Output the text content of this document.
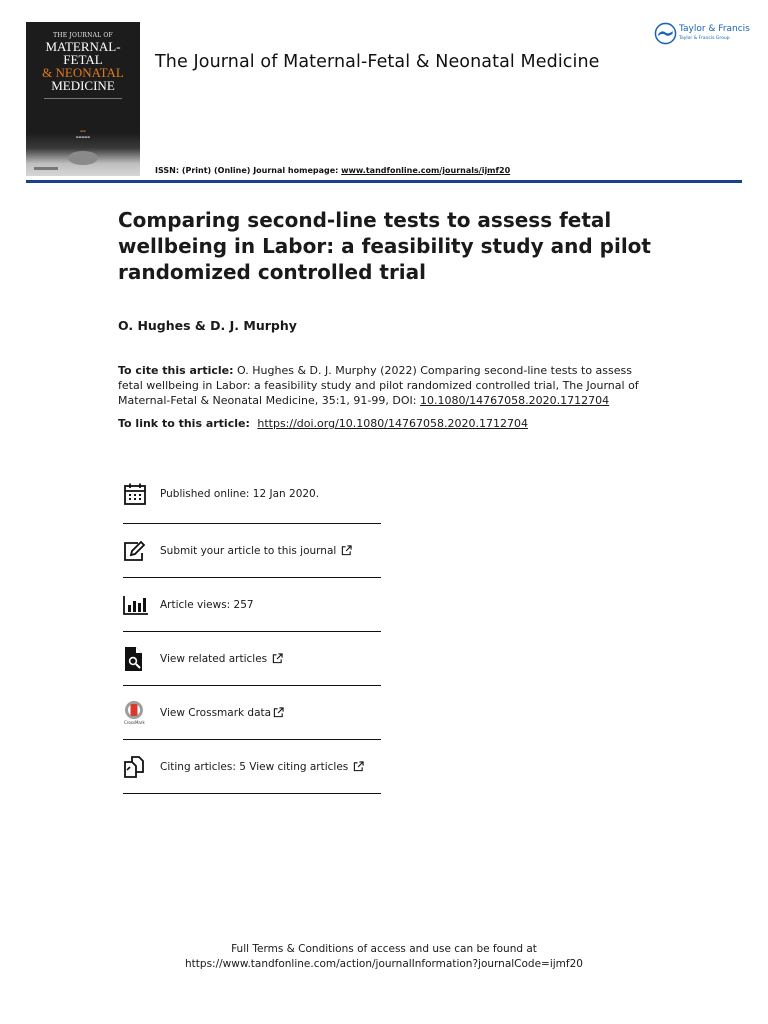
THE JOURNAL OF
MATERNAL-FETAL
& NEONATAL
MEDICINE
▬▬
▬▬▬▬▬
The Journal of Maternal-Fetal & Neonatal Medicine
Taylor & Francis
Taylor & Francis Group
ISSN: (Print) (Online) Journal homepage: www.tandfonline.com/journals/ijmf20
Comparing second-line tests to assess fetal wellbeing in Labor: a feasibility study and pilot randomized controlled trial
O. Hughes & D. J. Murphy
To cite this article: O. Hughes & D. J. Murphy (2022) Comparing second-line tests to assess fetal wellbeing in Labor: a feasibility study and pilot randomized controlled trial, The Journal of Maternal-Fetal & Neonatal Medicine, 35:1, 91-99, DOI: 10.1080/14767058.2020.1712704
To link to this article: https://doi.org/10.1080/14767058.2020.1712704
Published online: 12 Jan 2020.
Submit your article to this journal
Article views: 257
View related articles
CrossMark
View Crossmark data
Citing articles: 5 View citing articles
Full Terms & Conditions of access and use can be found at
https://www.tandfonline.com/action/journalInformation?journalCode=ijmf20
